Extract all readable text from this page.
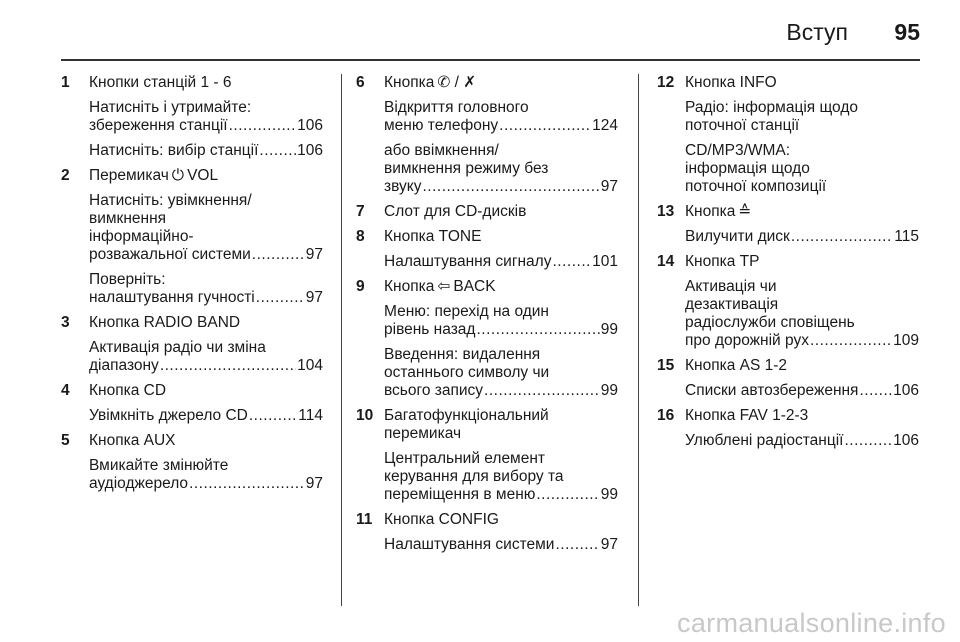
Вступ 95
1 Кнопки станцій 1 - 6
Натисніть і утримайте:
збереження станції .....	106
Натисніть: вибір станції ..... 106
2 Перемикач ⏻ VOL
Натисніть: увімкнення/
вимкнення
інформаційно-
розважальної системи .....	97
Поверніть:
налаштування гучності .....	97
3 Кнопка RADIO BAND
Активація радіо чи зміна
діапазону .....	104
4 Кнопка CD
Увімкніть джерело CD .....	114
5 Кнопка AUX
Вмикайте змінюйте
аудіоджерело .....	97
6 Кнопка ✆ / ✗
Відкриття головного
меню телефону .....	124
або ввімкнення/
вимкнення режиму без
звуку .....	97
7 Слот для CD-дисків
8 Кнопка TONE
Налаштування сигналу .....	101
9 Кнопка ⇦ BACK
Меню: перехід на один
рівень назад .....	99
Введення: видалення
останнього символу чи
всього запису .....	99
10 Багатофункціональний
перемикач
Центральний елемент
керування для вибору та
переміщення в меню .....	99
11 Кнопка CONFIG
Налаштування системи .....	97
12 Кнопка INFO
Радіо: інформація щодо
поточної станції
CD/MP3/WMA:
інформація щодо
поточної композиції
13 Кнопка ≙
Вилучити диск .....	115
14 Кнопка TP
Активація чи
дезактивація
радіослужби сповіщень
про дорожній рух .....	109
15 Кнопка AS 1-2
Списки автозбереження ..... 106
16 Кнопка FAV 1-2-3
Улюблені радіостанції .....	106
carmanualsonline.info
